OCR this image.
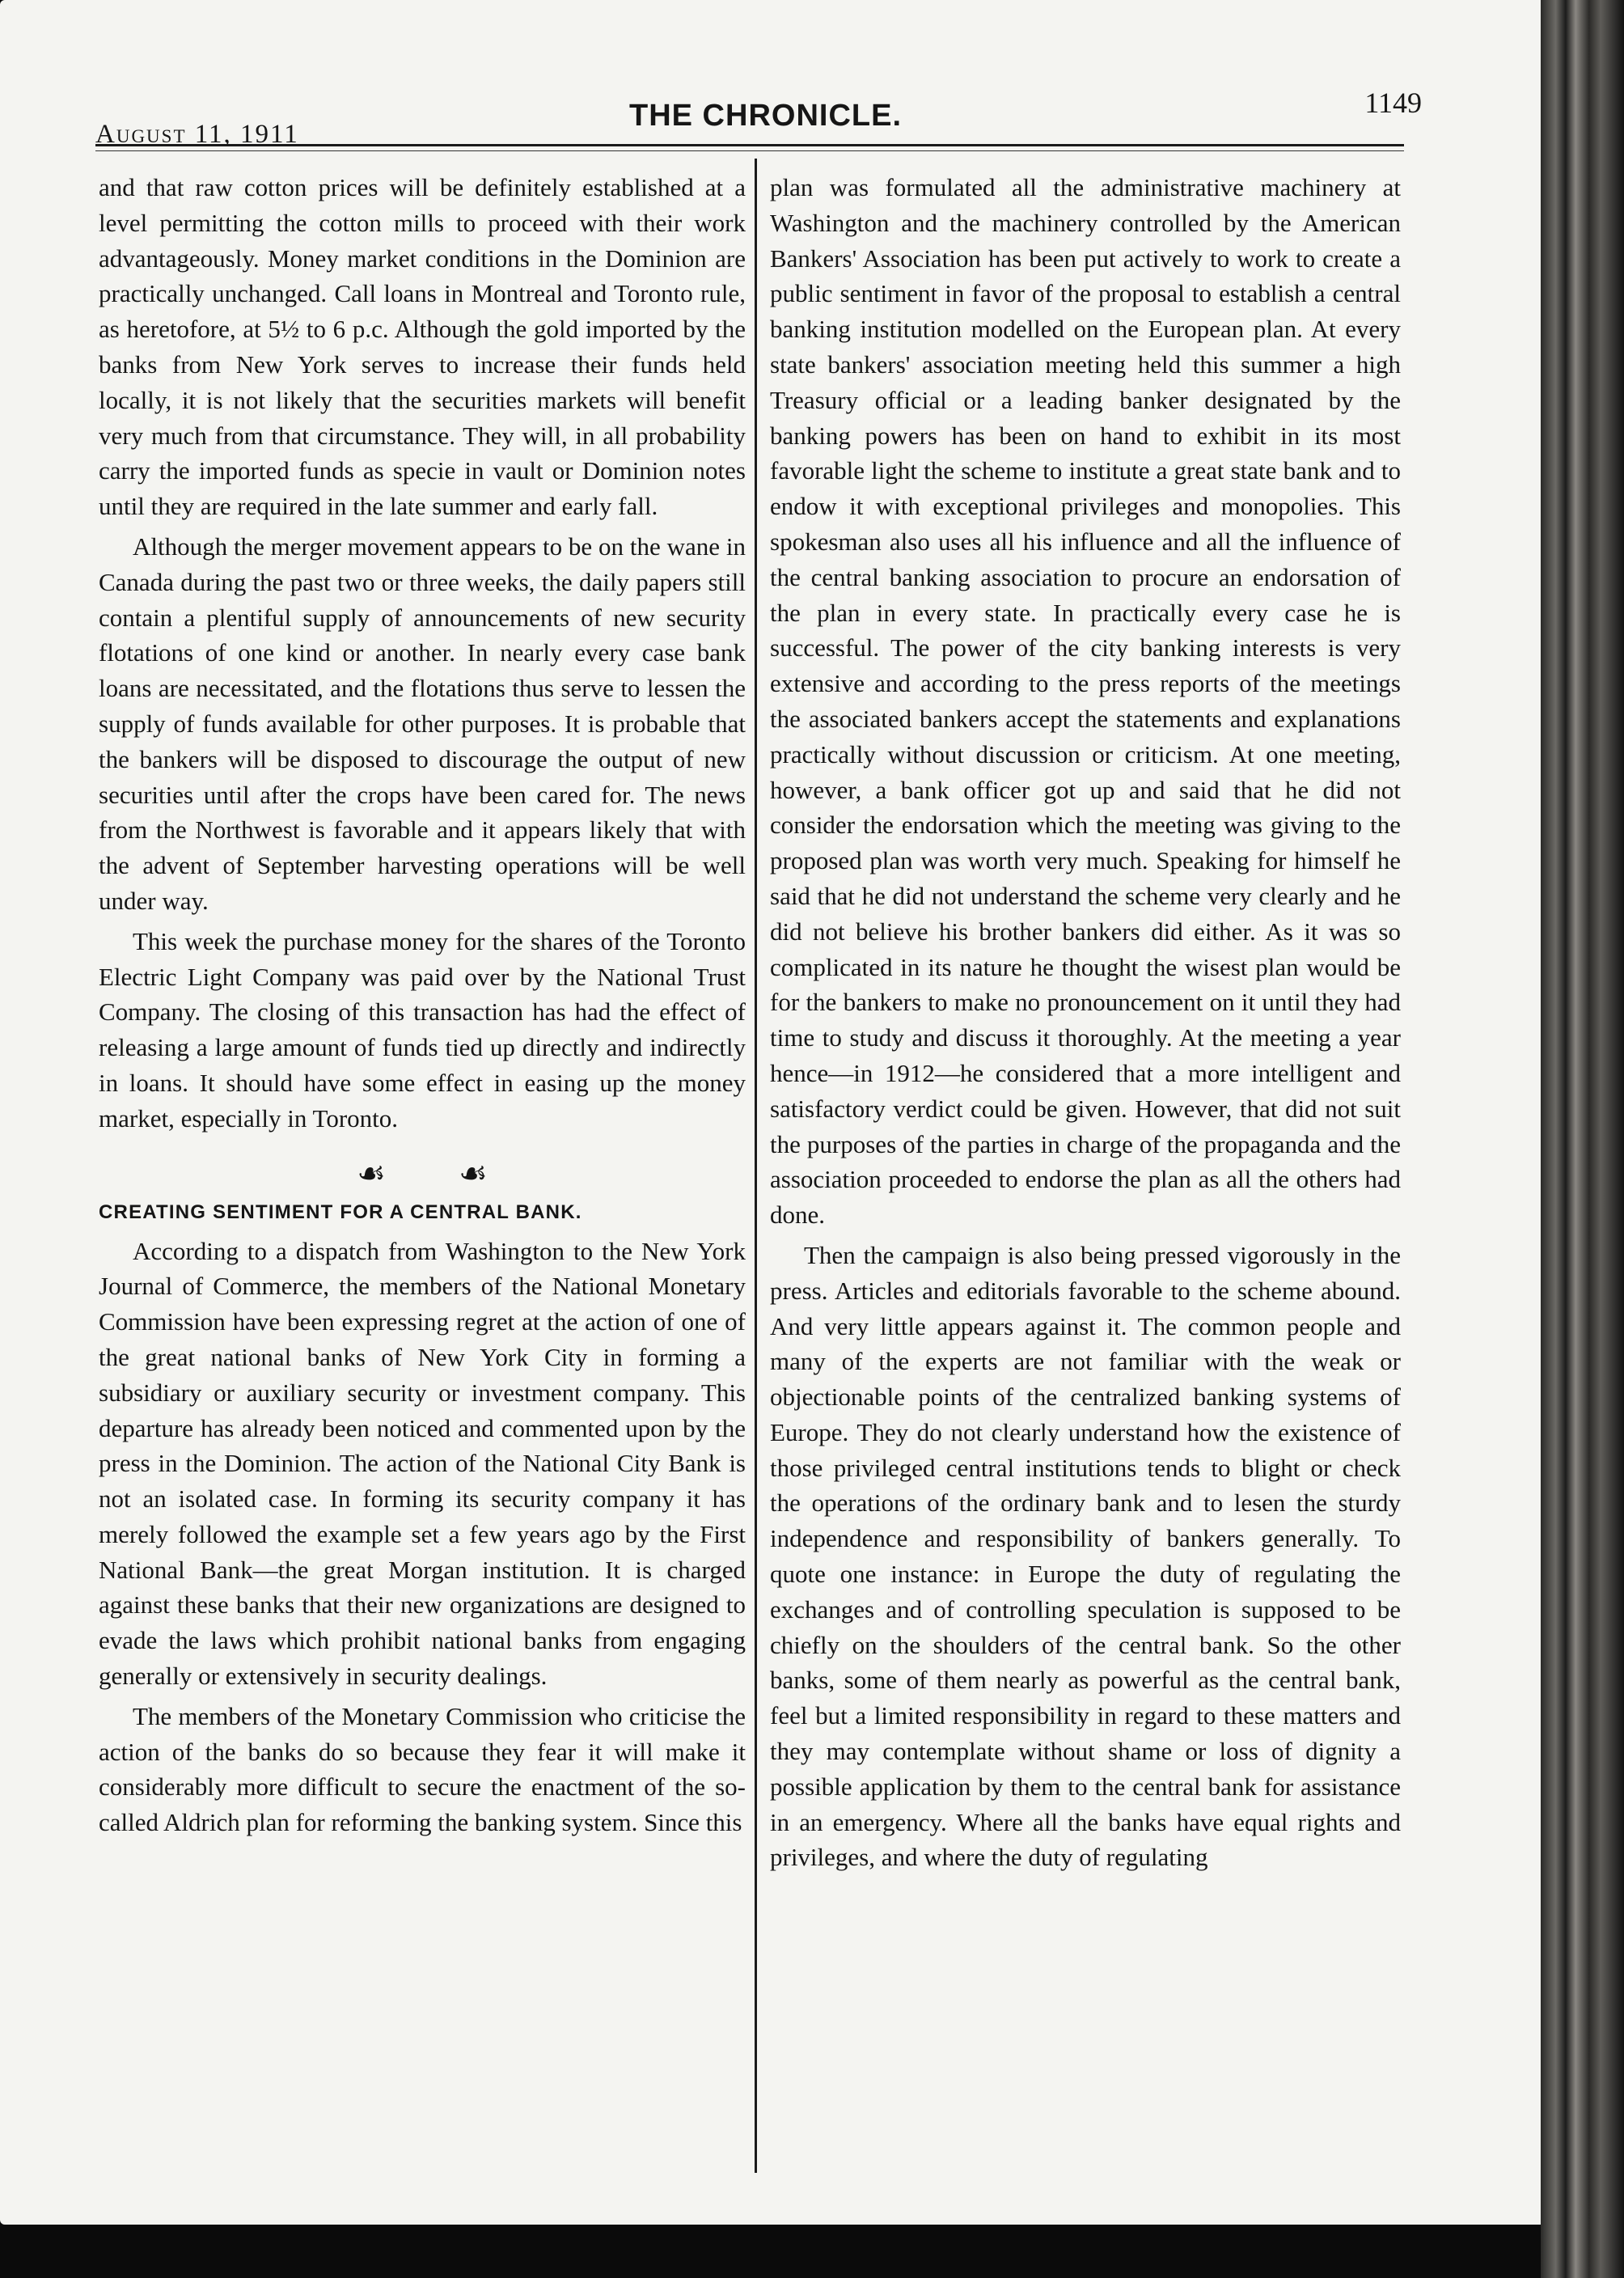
August 11, 1911
THE CHRONICLE.	1149

and that raw cotton prices will be definitely established at a level permitting the cotton mills to proceed with their work advantageously. Money market conditions in the Dominion are practically unchanged. Call loans in Montreal and Toronto rule, as heretofore, at 5½ to 6 p.c. Although the gold imported by the banks from New York serves to increase their funds held locally, it is not likely that the securities markets will benefit very much from that circumstance. They will, in all probability carry the imported funds as specie in vault or Dominion notes until they are required in the late summer and early fall.

Although the merger movement appears to be on the wane in Canada during the past two or three weeks, the daily papers still contain a plentiful supply of announcements of new security flotations of one kind or another. In nearly every case bank loans are necessitated, and the flotations thus serve to lessen the supply of funds available for other purposes. It is probable that the bankers will be disposed to discourage the output of new securities until after the crops have been cared for. The news from the Northwest is favorable and it appears likely that with the advent of September harvesting operations will be well under way.

This week the purchase money for the shares of the Toronto Electric Light Company was paid over by the National Trust Company. The closing of this transaction has had the effect of releasing a large amount of funds tied up directly and indirectly in loans. It should have some effect in easing up the money market, especially in Toronto.

☙ ☙
CREATING SENTIMENT FOR A CENTRAL BANK.

According to a dispatch from Washington to the New York Journal of Commerce, the members of the National Monetary Commission have been expressing regret at the action of one of the great national banks of New York City in forming a subsidiary or auxiliary security or investment company. This departure has already been noticed and commented upon by the press in the Dominion. The action of the National City Bank is not an isolated case. In forming its security company it has merely followed the example set a few years ago by the First National Bank—the great Morgan institution. It is charged against these banks that their new organizations are designed to evade the laws which prohibit national banks from engaging generally or extensively in security dealings.

The members of the Monetary Commission who criticise the action of the banks do so because they fear it will make it considerably more difficult to secure the enactment of the so-called Aldrich plan for reforming the banking system. Since this

plan was formulated all the administrative machinery at Washington and the machinery controlled by the American Bankers' Association has been put actively to work to create a public sentiment in favor of the proposal to establish a central banking institution modelled on the European plan. At every state bankers' association meeting held this summer a high Treasury official or a leading banker designated by the banking powers has been on hand to exhibit in its most favorable light the scheme to institute a great state bank and to endow it with exceptional privileges and monopolies. This spokesman also uses all his influence and all the influence of the central banking association to procure an endorsation of the plan in every state. In practically every case he is successful. The power of the city banking interests is very extensive and according to the press reports of the meetings the associated bankers accept the statements and explanations practically without discussion or criticism. At one meeting, however, a bank officer got up and said that he did not consider the endorsation which the meeting was giving to the proposed plan was worth very much. Speaking for himself he said that he did not understand the scheme very clearly and he did not believe his brother bankers did either. As it was so complicated in its nature he thought the wisest plan would be for the bankers to make no pronouncement on it until they had time to study and discuss it thoroughly. At the meeting a year hence—in 1912—he considered that a more intelligent and satisfactory verdict could be given. However, that did not suit the purposes of the parties in charge of the propaganda and the association proceeded to endorse the plan as all the others had done.

Then the campaign is also being pressed vigorously in the press. Articles and editorials favorable to the scheme abound. And very little appears against it. The common people and many of the experts are not familiar with the weak or objectionable points of the centralized banking systems of Europe. They do not clearly understand how the existence of those privileged central institutions tends to blight or check the operations of the ordinary bank and to lesen the sturdy independence and responsibility of bankers generally. To quote one instance: in Europe the duty of regulating the exchanges and of controlling speculation is supposed to be chiefly on the shoulders of the central bank. So the other banks, some of them nearly as powerful as the central bank, feel but a limited responsibility in regard to these matters and they may contemplate without shame or loss of dignity a possible application by them to the central bank for assistance in an emergency. Where all the banks have equal rights and privileges, and where the duty of regulating
